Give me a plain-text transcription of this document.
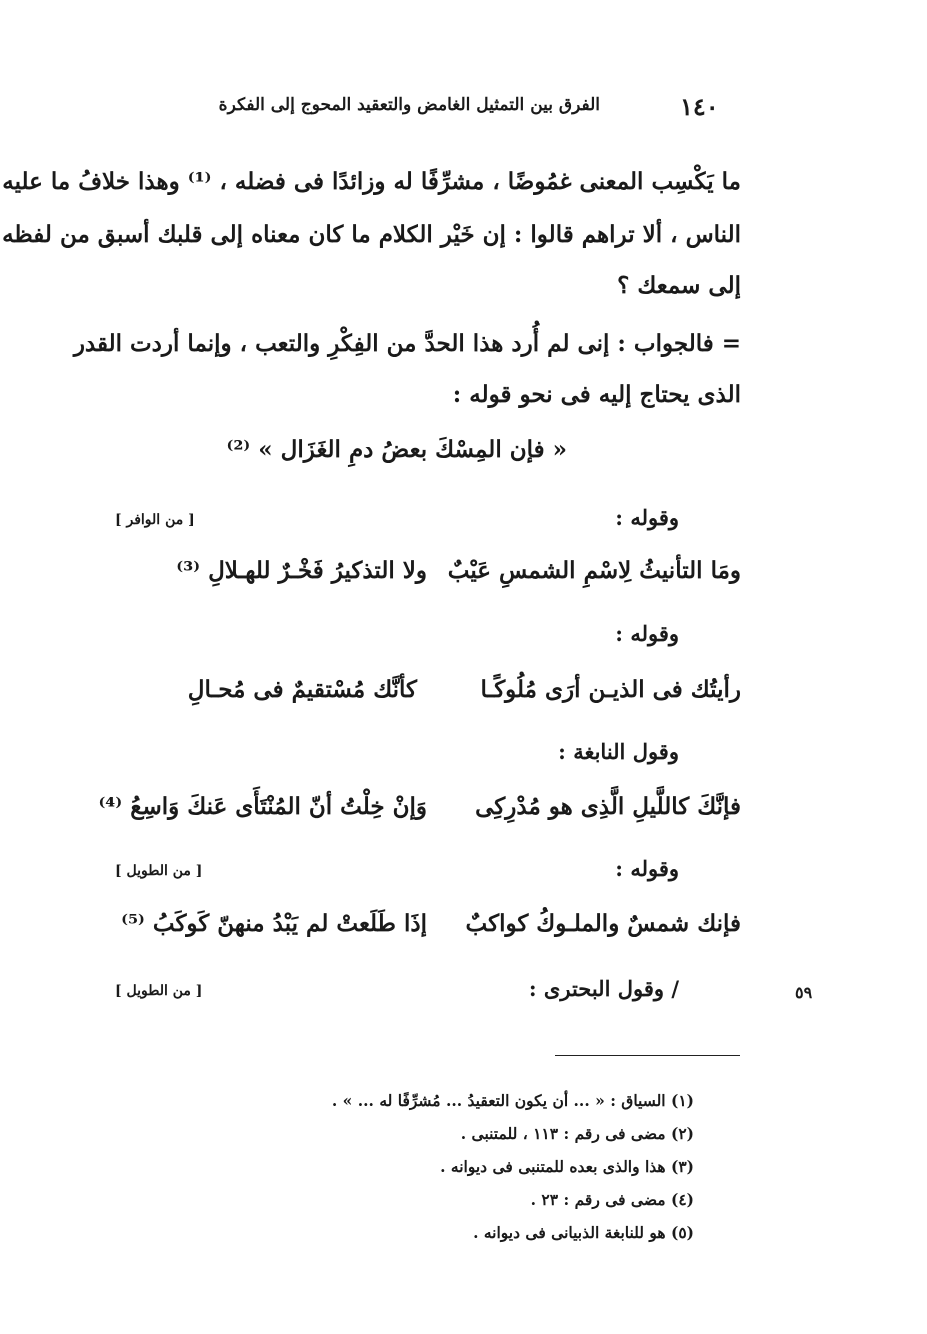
١٤٠
الفرق بين التمثيل الغامض والتعقيد المحوج إلى الفكرة
ما يَكْسِب المعنى غمُوضًا ، مشرِّفًا له وزائدًا فى فضله ، ⁽¹⁾ وهذا خلافُ ما عليه
الناس ، ألا تراهم قالوا : إن خَيْر الكلام ما كان معناه إلى قلبك أسبق من لفظه
إلى سمعك ؟
= فالجواب : إنى لم أُرد هذا الحدَّ من الفِكْرِ والتعب ، وإنما أردت القدر
الذى يحتاج إليه فى نحو قوله :
« فإن المِسْكَ بعضُ دمِ الغَزَال » ⁽²⁾
وقوله :
[ من الوافر ]
ومَا التأنيثُ لِاسْمِ الشمسِ عَيْبٌ
ولا التذكيرُ فَخْـرٌ للهـلالِ ⁽³⁾
وقوله :
رأيتُك فى الذيـن أرَى مُلُوكًـا
كأنَّك مُسْتقيمٌ فى مُحـالِ
وقول النابغة :
فإنَّكَ كاللَّيلِ الَّذِى هو مُدْرِكِى
وَإنْ خِلْتُ أنّ المُنْتَأَى عَنكَ وَاسِعُ ⁽⁴⁾
وقوله :
[ من الطويل ]
فإنك شمسٌ والملـوكُ كواكبٌ
إذَا طَلَعتْ لم يَبْدُ منهنّ كَوكَبُ ⁽⁵⁾
/ وقول البحترى :
[ من الطويل ]	٥٩
(١) السياق : « ... أن يكون التعقيدُ ... مُشرِّفًا له ... » .
(٢) مضى فى رقم : ١١٣ ، للمتنبى .
(٣) هذا والذى بعده للمتنبى فى ديوانه .
(٤) مضى فى رقم : ٢٣ .
(٥) هو للنابغة الذبيانى فى ديوانه .
